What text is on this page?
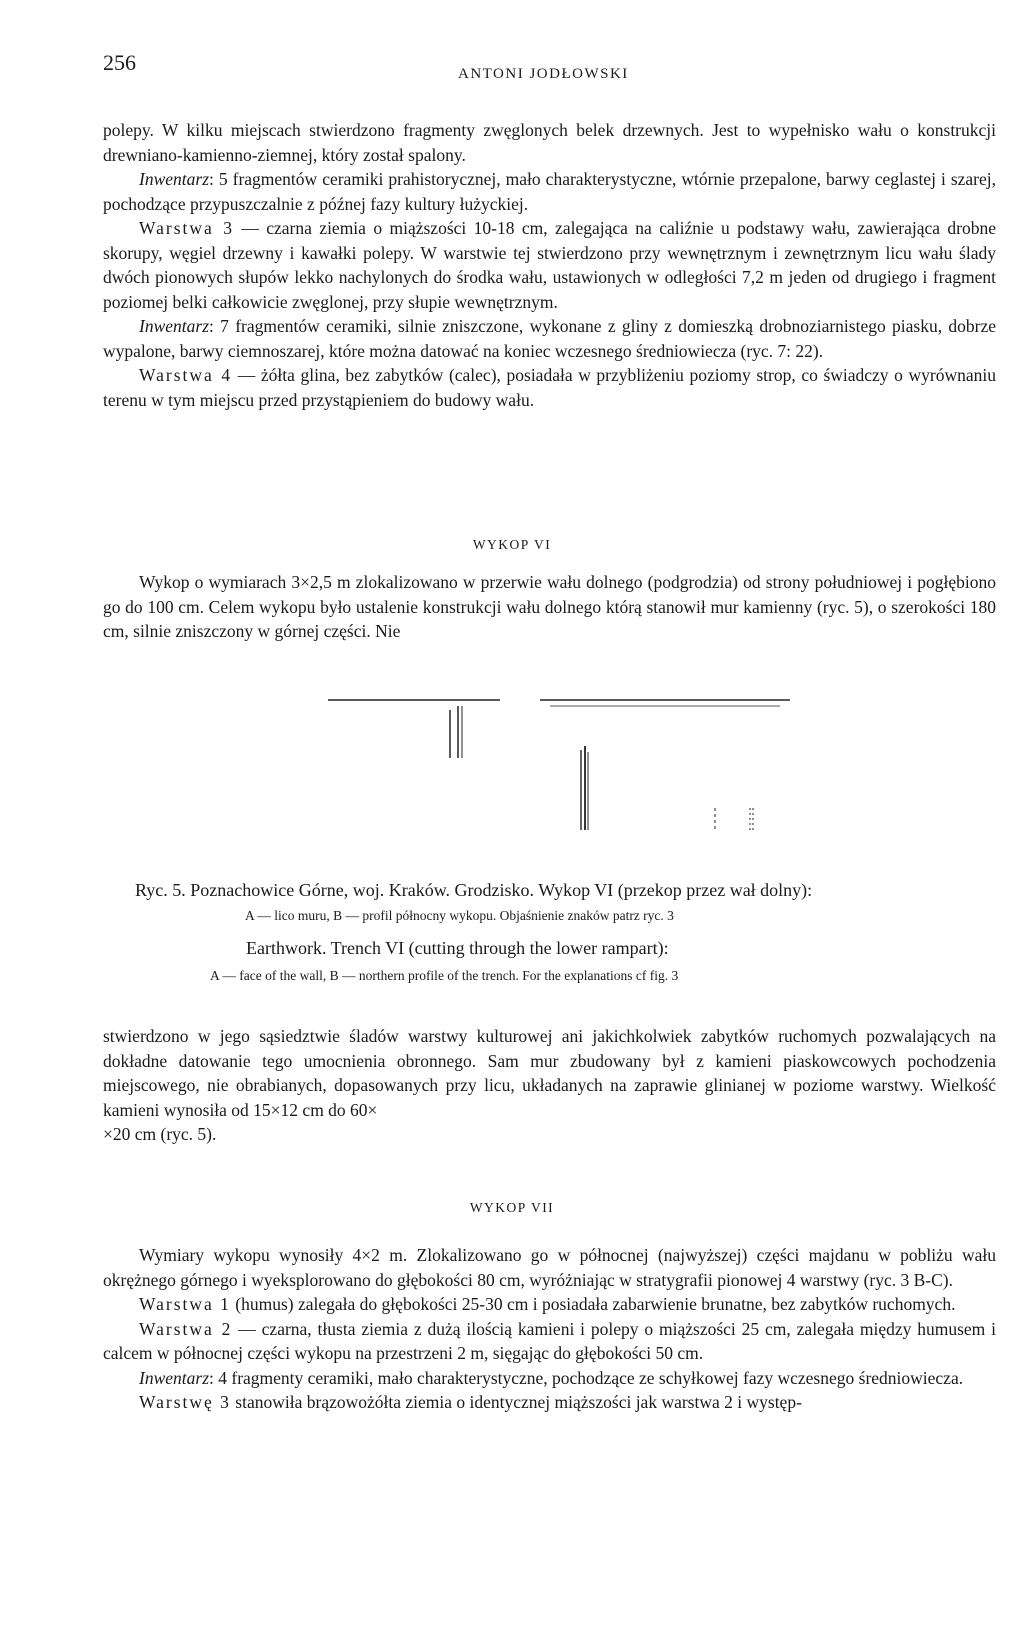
256	ANTONI JODŁOWSKI

polepy. W kilku miejscach stwierdzono fragmenty zwęglonych belek drzewnych. Jest to wypełnisko wału o konstrukcji drewniano-kamienno-ziemnej, który został spalony.

Inwentarz: 5 fragmentów ceramiki prahistorycznej, mało charakterystyczne, wtórnie przepalone, barwy ceglastej i szarej, pochodzące przypuszczalnie z późnej fazy kultury łużyckiej.

Warstwa 3 — czarna ziemia o miąższości 10-18 cm, zalegająca na caliźnie u podstawy wału, zawierająca drobne skorupy, węgiel drzewny i kawałki polepy. W warstwie tej stwierdzono przy wewnętrznym i zewnętrznym licu wału ślady dwóch pionowych słupów lekko nachylonych do środka wału, ustawionych w odległości 7,2 m jeden od drugiego i fragment poziomej belki całkowicie zwęglonej, przy słupie wewnętrznym.

Inwentarz: 7 fragmentów ceramiki, silnie zniszczone, wykonane z gliny z domieszką drobnoziarnistego piasku, dobrze wypalone, barwy ciemnoszarej, które można datować na koniec wczesnego średniowiecza (ryc. 7: 22).

Warstwa 4 — żółta glina, bez zabytków (calec), posiadała w przybliżeniu poziomy strop, co świadczy o wyrównaniu terenu w tym miejscu przed przystąpieniem do budowy wału.

WYKOP VI

Wykop o wymiarach 3×2,5 m zlokalizowano w przerwie wału dolnego (podgrodzia) od strony południowej i pogłębiono go do 100 cm. Celem wykopu było ustalenie konstrukcji wału dolnego którą stanowił mur kamienny (ryc. 5), o szerokości 180 cm, silnie zniszczony w górnej części. Nie

Ryc. 5. Poznachowice Górne, woj. Kraków. Grodzisko. Wykop VI (przekop przez wał dolny):
A — lico muru, B — profil północny wykopu. Objaśnienie znaków patrz ryc. 3
Earthwork. Trench VI (cutting through the lower rampart):
A — face of the wall, B — northern profile of the trench. For the explanations cf fig. 3

stwierdzono w jego sąsiedztwie śladów warstwy kulturowej ani jakichkolwiek zabytków ruchomych pozwalających na dokładne datowanie tego umocnienia obronnego. Sam mur zbudowany był z kamieni piaskowcowych pochodzenia miejscowego, nie obrabianych, dopasowanych przy licu, układanych na zaprawie glinianej w poziome warstwy. Wielkość kamieni wynosiła od 15×12 cm do 60×

×20 cm (ryc. 5).

WYKOP VII

Wymiary wykopu wynosiły 4×2 m. Zlokalizowano go w północnej (najwyższej) części majdanu w pobliżu wału okrężnego górnego i wyeksplorowano do głębokości 80 cm, wyróżniając w stratygrafii pionowej 4 warstwy (ryc. 3 B-C).

Warstwa 1 (humus) zalegała do głębokości 25-30 cm i posiadała zabarwienie brunatne, bez zabytków ruchomych.

Warstwa 2 — czarna, tłusta ziemia z dużą ilością kamieni i polepy o miąższości 25 cm, zalegała między humusem i calcem w północnej części wykopu na przestrzeni 2 m, sięgając do głębokości 50 cm.

Inwentarz: 4 fragmenty ceramiki, mało charakterystyczne, pochodzące ze schyłkowej fazy wczesnego średniowiecza.

Warstwę 3 stanowiła brązowożółta ziemia o identycznej miąższości jak warstwa 2 i występ-
